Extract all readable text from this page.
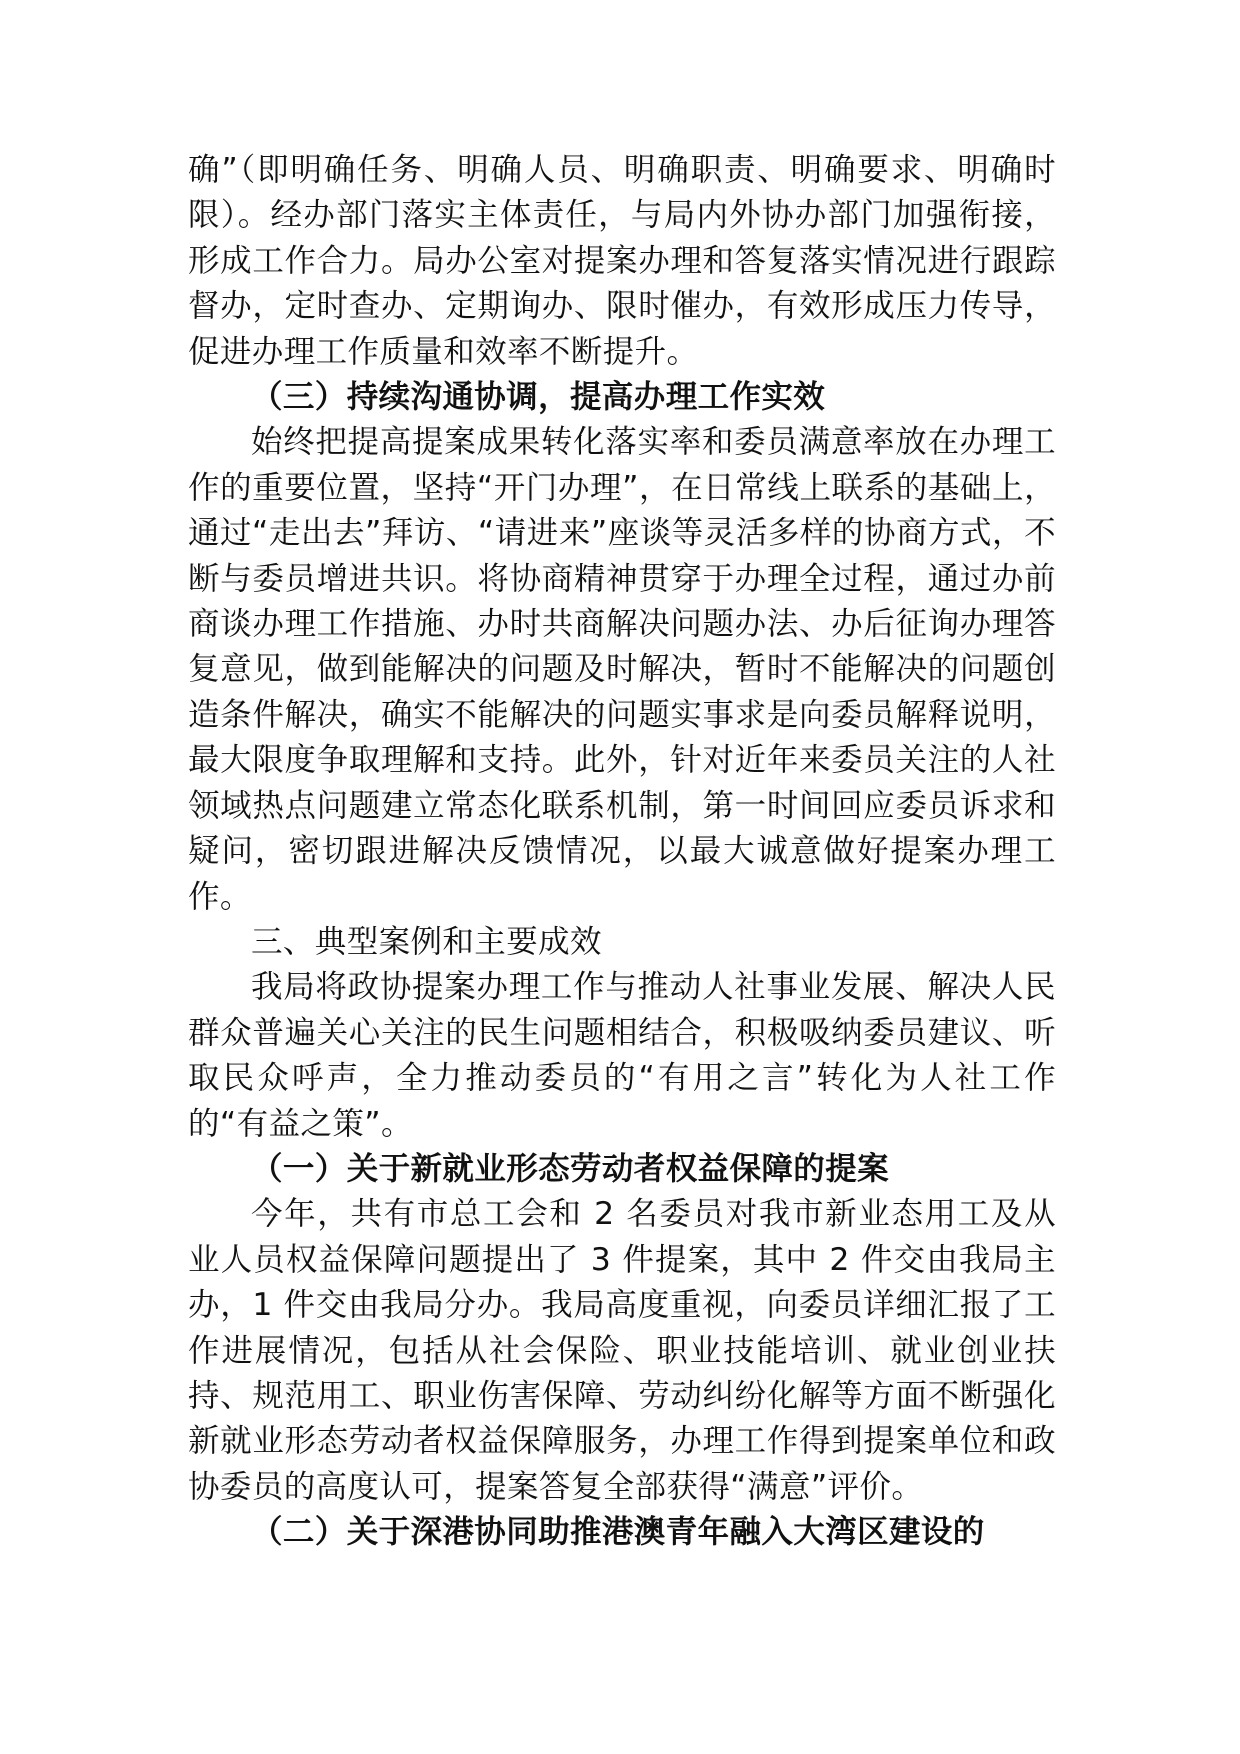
确”（即明确任务、明确人员、明确职责、明确要求、明确时限）。经办部门落实主体责任，与局内外协办部门加强衔接，形成工作合力。局办公室对提案办理和答复落实情况进行跟踪督办，定时查办、定期询办、限时催办，有效形成压力传导，促进办理工作质量和效率不断提升。

（三）持续沟通协调，提高办理工作实效

始终把提高提案成果转化落实率和委员满意率放在办理工作的重要位置，坚持“开门办理”，在日常线上联系的基础上，通过“走出去”拜访、“请进来”座谈等灵活多样的协商方式，不断与委员增进共识。将协商精神贯穿于办理全过程，通过办前商谈办理工作措施、办时共商解决问题办法、办后征询办理答复意见，做到能解决的问题及时解决，暂时不能解决的问题创造条件解决，确实不能解决的问题实事求是向委员解释说明，最大限度争取理解和支持。此外，针对近年来委员关注的人社领域热点问题建立常态化联系机制，第一时间回应委员诉求和疑问，密切跟进解决反馈情况，以最大诚意做好提案办理工作。

三、典型案例和主要成效

我局将政协提案办理工作与推动人社事业发展、解决人民群众普遍关心关注的民生问题相结合，积极吸纳委员建议、听取民众呼声，全力推动委员的“有用之言”转化为人社工作的“有益之策”。

（一）关于新就业形态劳动者权益保障的提案

今年，共有市总工会和 2 名委员对我市新业态用工及从业人员权益保障问题提出了 3 件提案，其中 2 件交由我局主办，1 件交由我局分办。我局高度重视，向委员详细汇报了工作进展情况，包括从社会保险、职业技能培训、就业创业扶持、规范用工、职业伤害保障、劳动纠纷化解等方面不断强化新就业形态劳动者权益保障服务，办理工作得到提案单位和政协委员的高度认可，提案答复全部获得“满意”评价。

（二）关于深港协同助推港澳青年融入大湾区建设的
